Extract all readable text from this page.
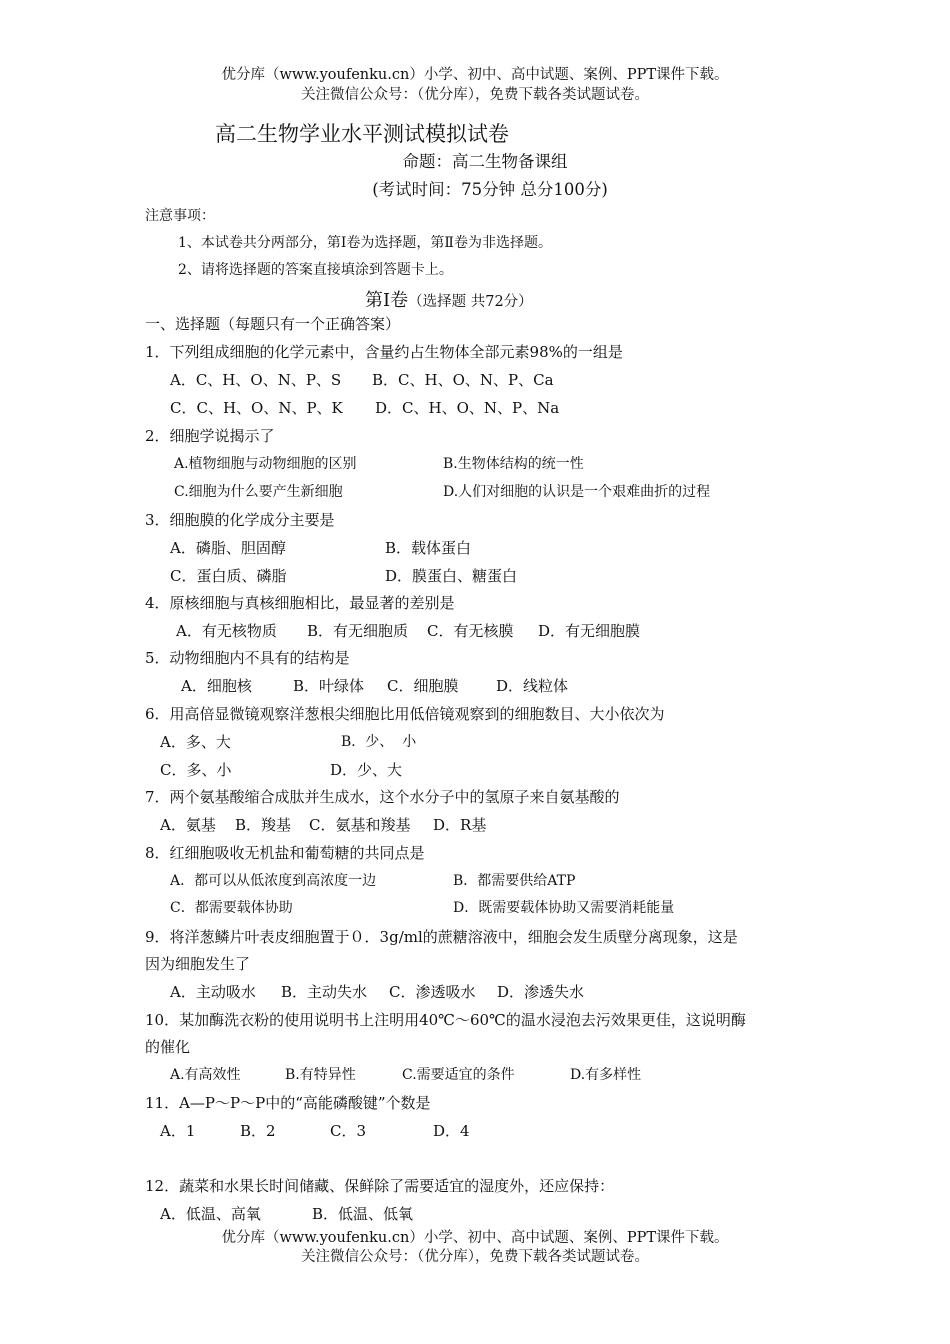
优分库（www.youfenku.cn）小学、初中、高中试题、案例、PPT课件下载。
关注微信公众号：（优分库），免费下载各类试题试卷。
高二生物学业水平测试模拟试卷
命题：高二生物备课组
(考试时间：75分钟 总分100分)
注意事项：
1、本试卷共分两部分，第Ⅰ卷为选择题，第Ⅱ卷为非选择题。
2、请将选择题的答案直接填涂到答题卡上。
第Ⅰ卷（选择题 共72分）
一、选择题（每题只有一个正确答案）
1．下列组成细胞的化学元素中，含量约占生物体全部元素98%的一组是
A．C、H、O、N、P、S B．C、H、O、N、P、Ca
C．C、H、O、N、P、K D．C、H、O、N、P、Na
2．细胞学说揭示了
A.植物细胞与动物细胞的区别	B.生物体结构的统一性
C.细胞为什么要产生新细胞	D.人们对细胞的认识是一个艰难曲折的过程
3．细胞膜的化学成分主要是
A．磷脂、胆固醇	B．载体蛋白
C．蛋白质、磷脂	D．膜蛋白、糖蛋白
4．原核细胞与真核细胞相比，最显著的差别是
A．有无核物质 B．有无细胞质 C．有无核膜 D．有无细胞膜
5．动物细胞内不具有的结构是
A．细胞核	B．叶绿体 C．细胞膜	D．线粒体
6．用高倍显微镜观察洋葱根尖细胞比用低倍镜观察到的细胞数目、大小依次为
A．多、大	B．少、  小
C．多、小	D．少、大
7．两个氨基酸缩合成肽并生成水，这个水分子中的氢原子来自氨基酸的
A．氨基 B．羧基 C．氨基和羧基 D．R基
8．红细胞吸收无机盐和葡萄糖的共同点是
A．都可以从低浓度到高浓度一边	B．都需要供给ATP
C．都需要载体协助	D．既需要载体协助又需要消耗能量
9．将洋葱鳞片叶表皮细胞置于０．3g/ml的蔗糖溶液中，细胞会发生质壁分离现象，这是
因为细胞发生了
A．主动吸水 B．主动失水 C．渗透吸水 D．渗透失水
10．某加酶洗衣粉的使用说明书上注明用40℃～60℃的温水浸泡去污效果更佳，这说明酶
的催化
A.有高效性	B.有特异性	C.需要适宜的条件	D.有多样性
11．A—P～P～P中的“高能磷酸键”个数是
A．1	B．2	C．3	D．4
12．蔬菜和水果长时间储藏、保鲜除了需要适宜的湿度外，还应保持：
A．低温、高氧	B．低温、低氧
优分库（www.youfenku.cn）小学、初中、高中试题、案例、PPT课件下载。
关注微信公众号：（优分库），免费下载各类试题试卷。
